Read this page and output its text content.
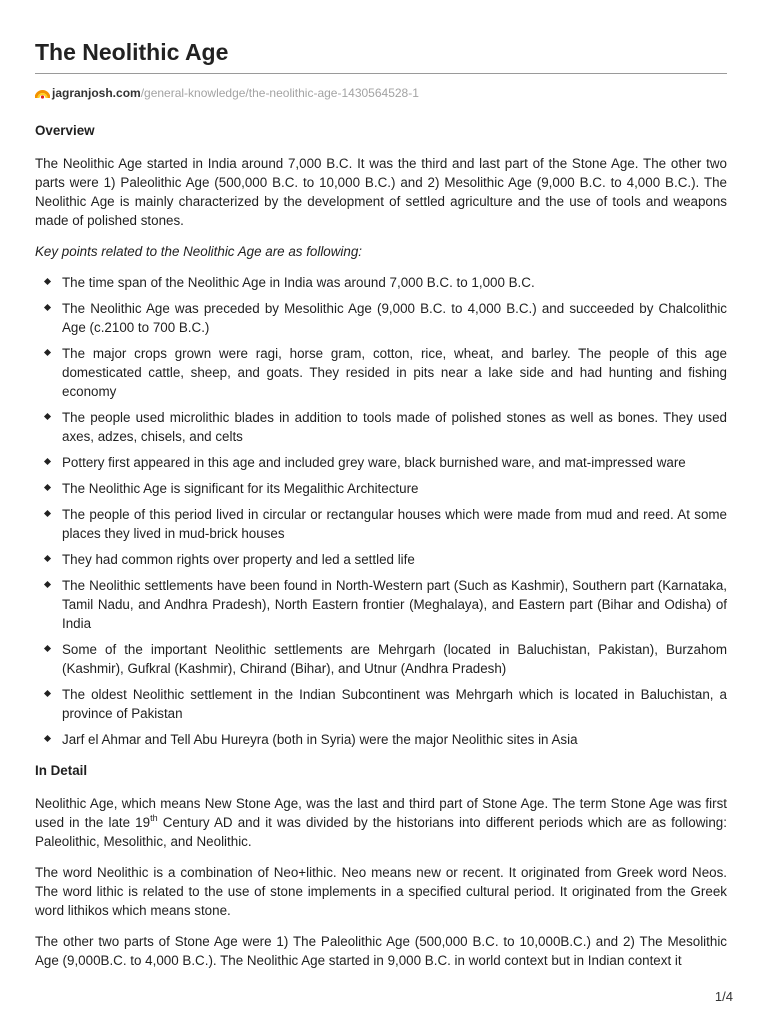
The Neolithic Age
jagranjosh.com/general-knowledge/the-neolithic-age-1430564528-1

Overview

The Neolithic Age started in India around 7,000 B.C. It was the third and last part of the Stone Age. The other two parts were 1) Paleolithic Age (500,000 B.C. to 10,000 B.C.) and 2) Mesolithic Age (9,000 B.C. to 4,000 B.C.). The Neolithic Age is mainly characterized by the development of settled agriculture and the use of tools and weapons made of polished stones.

Key points related to the Neolithic Age are as following:

The time span of the Neolithic Age in India was around 7,000 B.C. to 1,000 B.C.
The Neolithic Age was preceded by Mesolithic Age (9,000 B.C. to 4,000 B.C.) and succeeded by Chalcolithic Age (c.2100 to 700 B.C.)
The major crops grown were ragi, horse gram, cotton, rice, wheat, and barley. The people of this age domesticated cattle, sheep, and goats. They resided in pits near a lake side and had hunting and fishing economy
The people used microlithic blades in addition to tools made of polished stones as well as bones. They used axes, adzes, chisels, and celts
Pottery first appeared in this age and included grey ware, black burnished ware, and mat-impressed ware
The Neolithic Age is significant for its Megalithic Architecture
The people of this period lived in circular or rectangular houses which were made from mud and reed. At some places they lived in mud-brick houses
They had common rights over property and led a settled life
The Neolithic settlements have been found in North-Western part (Such as Kashmir), Southern part (Karnataka, Tamil Nadu, and Andhra Pradesh), North Eastern frontier (Meghalaya), and Eastern part (Bihar and Odisha) of India
Some of the important Neolithic settlements are Mehrgarh (located in Baluchistan, Pakistan), Burzahom (Kashmir), Gufkral (Kashmir), Chirand (Bihar), and Utnur (Andhra Pradesh)
The oldest Neolithic settlement in the Indian Subcontinent was Mehrgarh which is located in Baluchistan, a province of Pakistan
Jarf el Ahmar and Tell Abu Hureyra (both in Syria) were the major Neolithic sites in Asia

In Detail

Neolithic Age, which means New Stone Age, was the last and third part of Stone Age. The term Stone Age was first used in the late 19th Century AD and it was divided by the historians into different periods which are as following: Paleolithic, Mesolithic, and Neolithic.

The word Neolithic is a combination of Neo+lithic. Neo means new or recent. It originated from Greek word Neos. The word lithic is related to the use of stone implements in a specified cultural period. It originated from the Greek word lithikos which means stone.

The other two parts of Stone Age were 1) The Paleolithic Age (500,000 B.C. to 10,000B.C.) and 2) The Mesolithic Age (9,000B.C. to 4,000 B.C.). The Neolithic Age started in 9,000 B.C. in world context but in Indian context it

1/4
